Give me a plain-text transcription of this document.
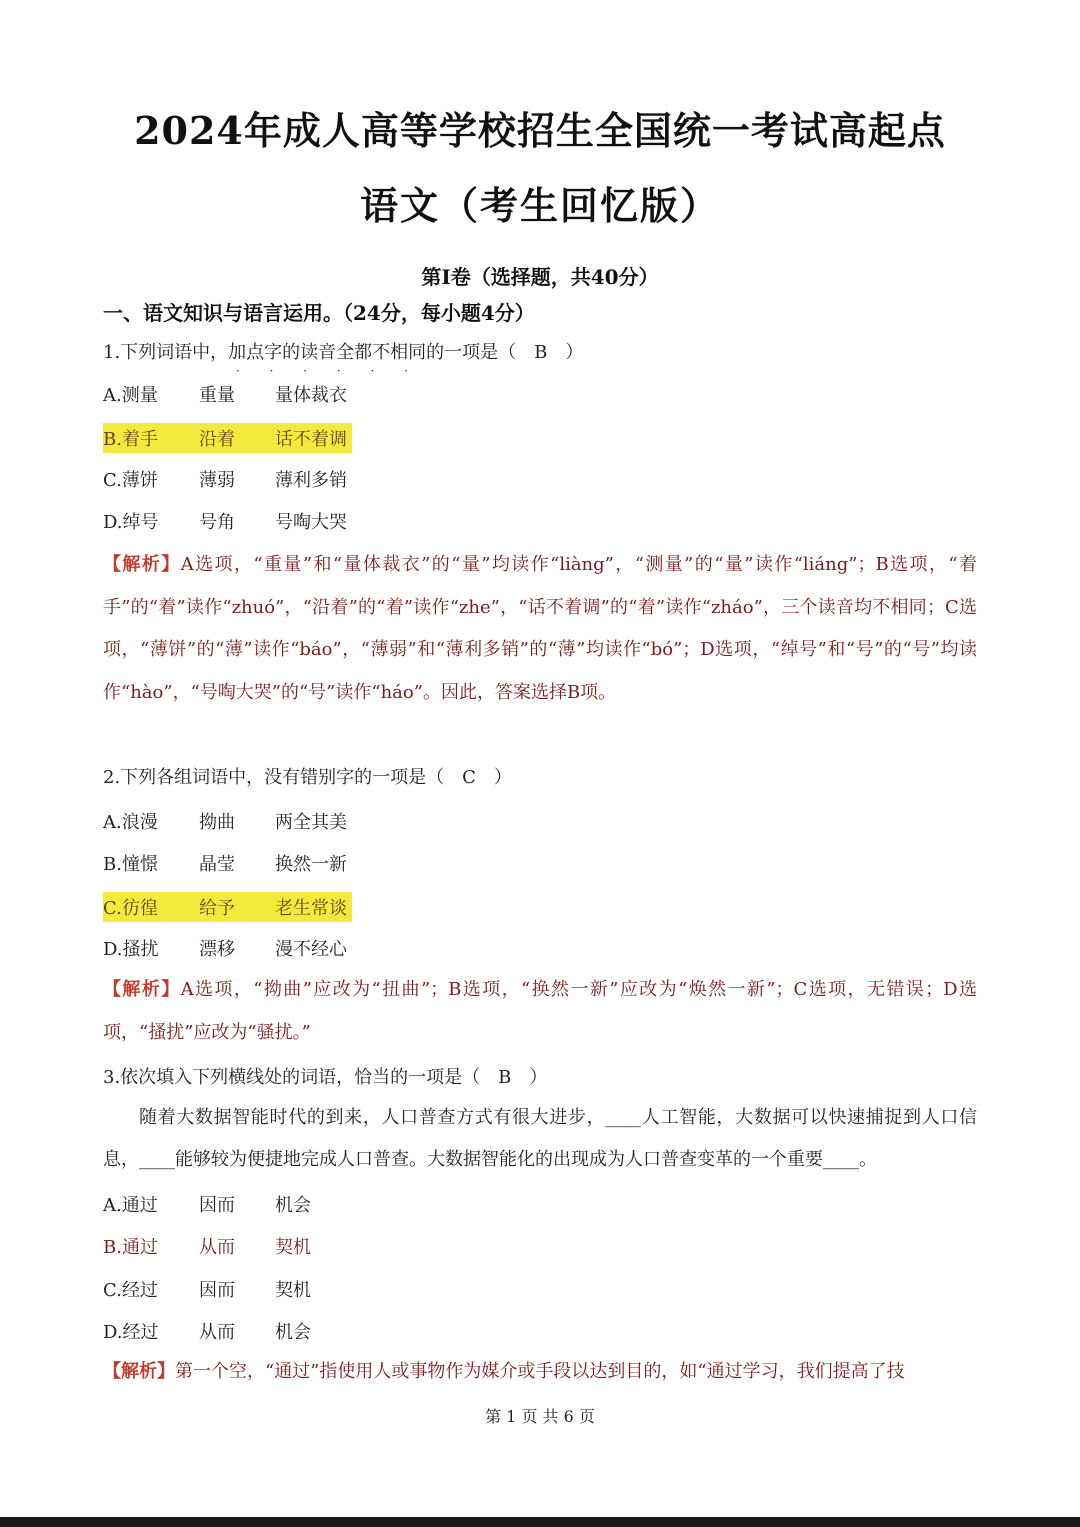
2024年成人高等学校招生全国统一考试高起点
语文（考生回忆版）
第Ⅰ卷（选择题，共40分）
一、语文知识与语言运用。（24分，每小题4分）
1.下列词语中，加点字的读音全都不相同的一项是（　B　）
· · · · · ·
A.测量	重量	量体裁衣
B.着手	沿着	话不着调
C.薄饼	薄弱	薄利多销
D.绰号	号角	号啕大哭
【解析】A选项，“重量”和“量体裁衣”的“量”均读作“liàng”，“测量”的“量”读作“liáng”；B选项，“着手”的“着”读作“zhuó”，“沿着”的“着”读作“zhe”，“话不着调”的“着”读作“zháo”，三个读音均不相同；C选项，“薄饼”的“薄”读作“báo”，“薄弱”和“薄利多销”的“薄”均读作“bó”；D选项，“绰号”和“号”的“号”均读作“hào”，“号啕大哭”的“号”读作“háo”。因此，答案选择B项。
2.下列各组词语中，没有错别字的一项是（　C　）
A.浪漫	拗曲	两全其美
B.憧憬	晶莹	换然一新
C.彷徨	给予	老生常谈
D.搔扰	漂移	漫不经心
【解析】A选项，“拗曲”应改为“扭曲”；B选项，“换然一新”应改为“焕然一新”；C选项，无错误；D选项，“搔扰”应改为“骚扰。”
3.依次填入下列横线处的词语，恰当的一项是（　B　）
随着大数据智能时代的到来，人口普查方式有很大进步，____人工智能，大数据可以快速捕捉到人口信息，____能够较为便捷地完成人口普查。大数据智能化的出现成为人口普查变革的一个重要____。
A.通过	因而	机会
B.通过	从而	契机
C.经过	因而	契机
D.经过	从而	机会
【解析】第一个空，“通过”指使用人或事物作为媒介或手段以达到目的，如“通过学习，我们提高了技
第 1 页 共 6 页
